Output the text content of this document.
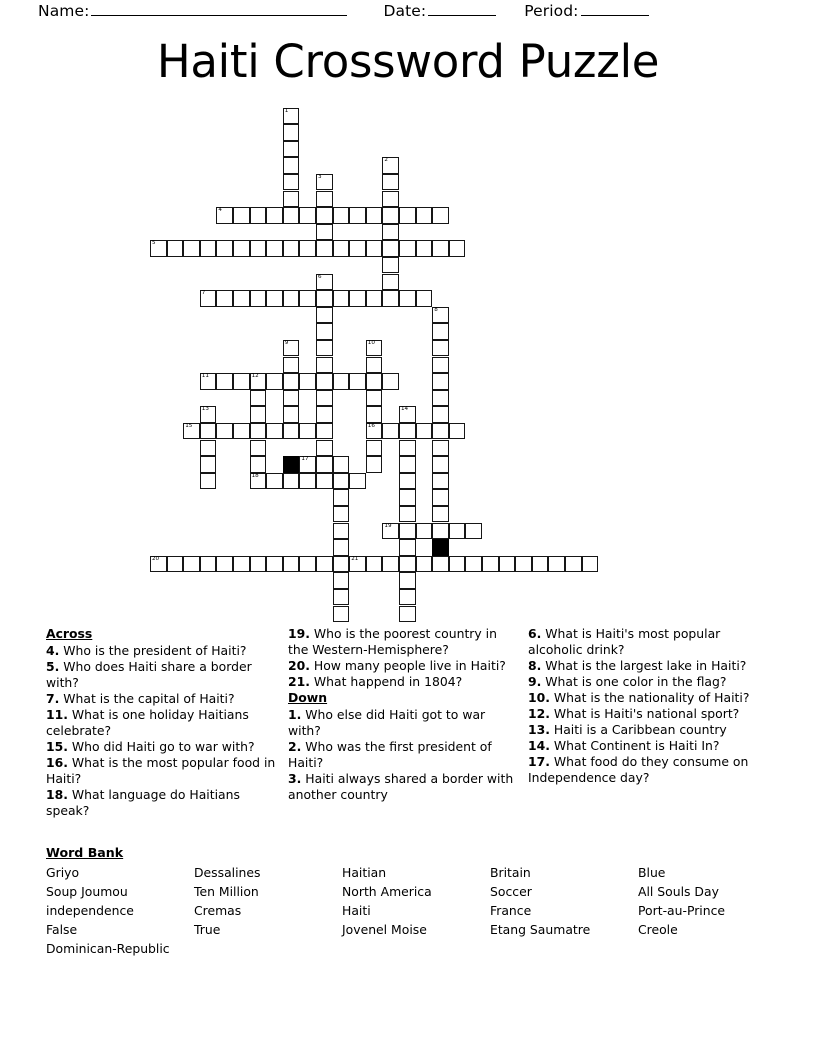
Name:	Date:	Period:
Haiti Crossword Puzzle
1
2
3
4
5
6
7
8
9	10
16
11	12
18
13	14
15
17
19
20	21
Across

4. Who is the president of Haiti?

5. Who does Haiti share a border with?

7. What is the capital of Haiti?

11. What is one holiday Haitians celebrate?

15. Who did Haiti go to war with?

16. What is the most popular food in Haiti?

18. What language do Haitians speak?

19. Who is the poorest country in the Western-Hemisphere?

20. How many people live in Haiti?

21. What happend in 1804?

Down

1. Who else did Haiti got to war with?

2. Who was the first president of Haiti?

3. Haiti always shared a border with another country

6. What is Haiti's most popular alcoholic drink?

8. What is the largest lake in Haiti?

9. What is one color in the flag?

10. What is the nationality of Haiti?

12. What is Haiti's national sport?

13. Haiti is a Caribbean country

14. What Continent is Haiti In?

17. What food do they consume on Independence day?

Word Bank
Griyo
Soup Joumou
independence
False
Dominican-Republic
Dessalines
Ten Million
Cremas
True
Haitian
North America
Haiti
Jovenel Moise
Britain
Soccer
France
Etang Saumatre
Blue
All Souls Day
Port-au-Prince
Creole
